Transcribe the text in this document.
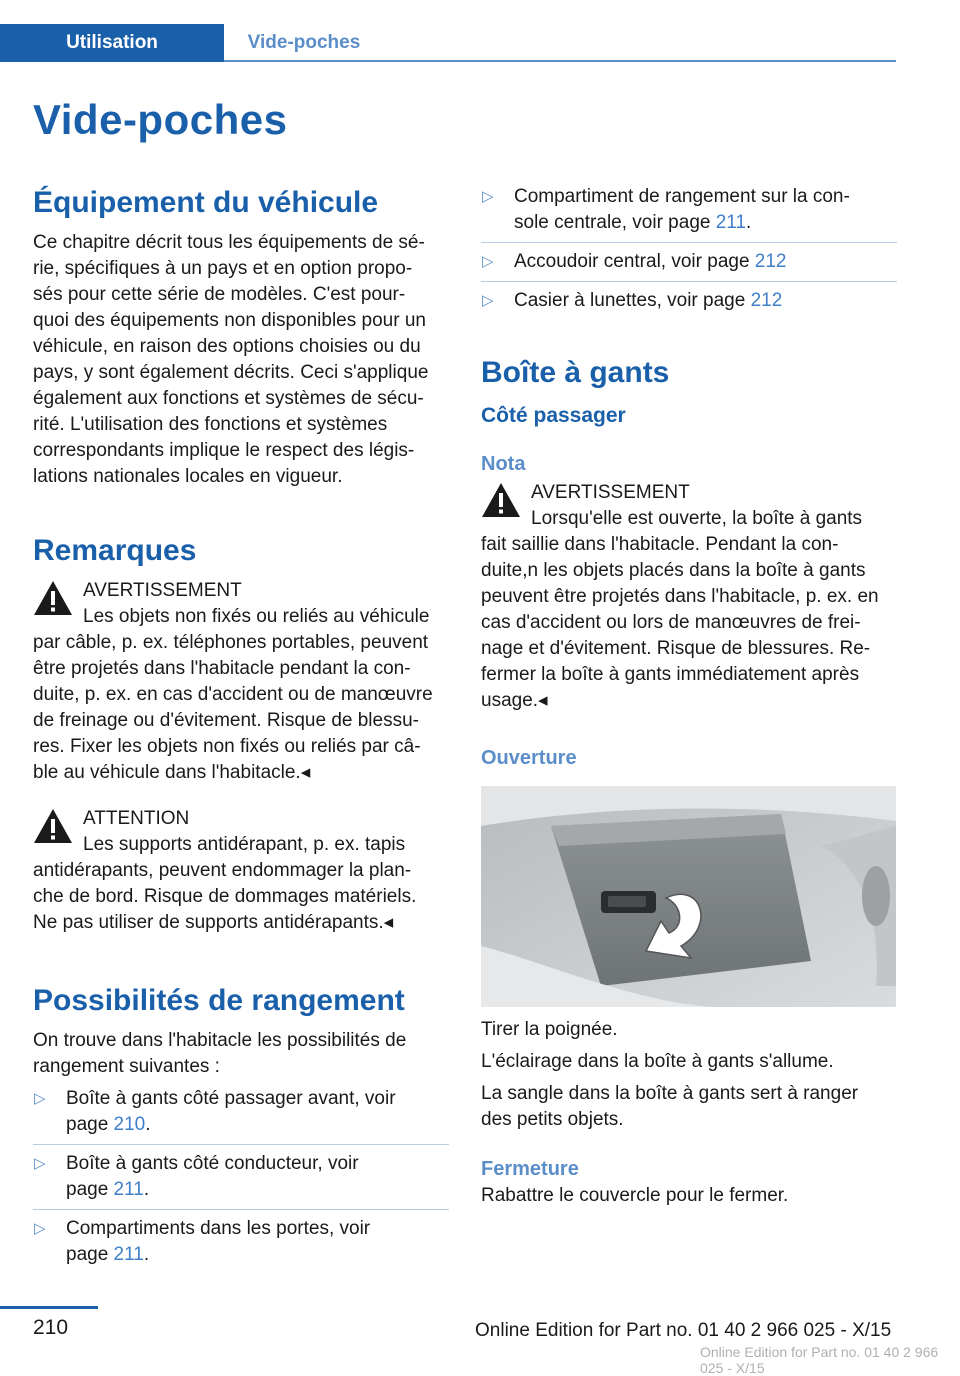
Utilisation	Vide-poches
Vide-poches
Équipement du véhicule

Ce chapitre décrit tous les équipements de sé-

rie, spécifiques à un pays et en option propo-

sés pour cette série de modèles. C'est pour-

quoi des équipements non disponibles pour un

véhicule, en raison des options choisies ou du

pays, y sont également décrits. Ceci s'applique

également aux fonctions et systèmes de sécu-

rité. L'utilisation des fonctions et systèmes

correspondants implique le respect des légis-

lations nationales locales en vigueur.

Remarques

AVERTISSEMENT

Les objets non fixés ou reliés au véhicule

par câble, p. ex. téléphones portables, peuvent

être projetés dans l'habitacle pendant la con-

duite, p. ex. en cas d'accident ou de manœuvre

de freinage ou d'évitement. Risque de blessu-

res. Fixer les objets non fixés ou reliés par câ-

ble au véhicule dans l'habitacle.◂

ATTENTION

Les supports antidérapant, p. ex. tapis

antidérapants, peuvent endommager la plan-

che de bord. Risque de dommages matériels.

Ne pas utiliser de supports antidérapants.◂

Possibilités de rangement

On trouve dans l'habitacle les possibilités de

rangement suivantes :

▷ Boîte à gants côté passager avant, voir
page 210.
▷ Boîte à gants côté conducteur, voir
page 211.
▷ Compartiments dans les portes, voir
page 211.
▷ Compartiment de rangement sur la con-
sole centrale, voir page 211.
▷ Accoudoir central, voir page 212
▷ Casier à lunettes, voir page 212
Boîte à gants
Côté passager
Nota

AVERTISSEMENT

Lorsqu'elle est ouverte, la boîte à gants

fait saillie dans l'habitacle. Pendant la con-

duite,n les objets placés dans la boîte à gants

peuvent être projetés dans l'habitacle, p. ex. en

cas d'accident ou lors de manœuvres de frei-

nage et d'évitement. Risque de blessures. Re-

fermer la boîte à gants immédiatement après

usage.◂

Ouverture

Tirer la poignée.

L'éclairage dans la boîte à gants s'allume.

La sangle dans la boîte à gants sert à ranger

des petits objets.

Fermeture

Rabattre le couvercle pour le fermer.

210	Online Edition for Part no. 01 40 2 966 025 - X/15
Online Edition for Part no. 01 40 2 966 025 - X/15
